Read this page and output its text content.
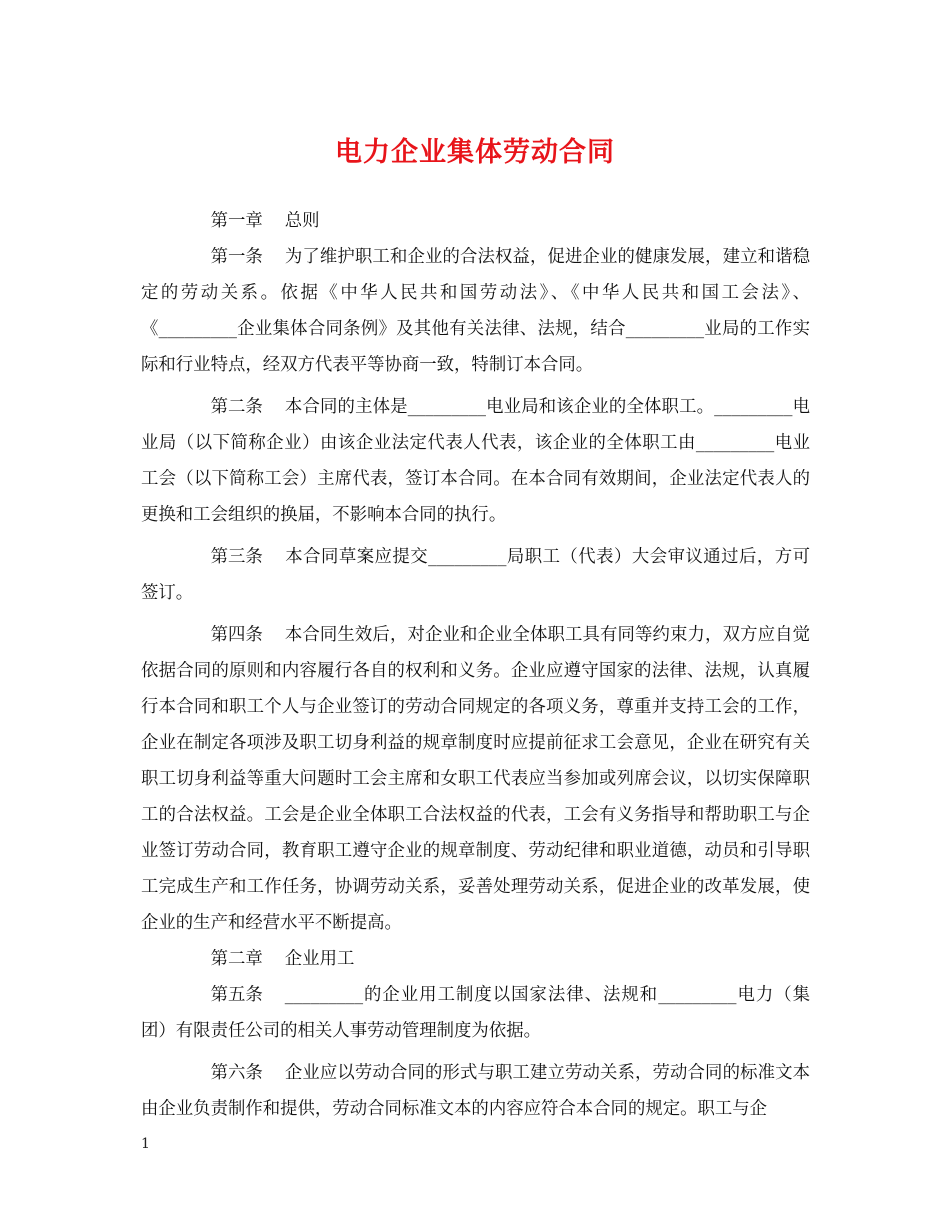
电力企业集体劳动合同

第一章 总则

第一条 为了维护职工和企业的合法权益，促进企业的健康发展，建立和谐稳定的劳动关系。依据《中华人民共和国劳动法》、《中华人民共和国工会法》、《_________企业集体合同条例》及其他有关法律、法规，结合_________业局的工作实际和行业特点，经双方代表平等协商一致，特制订本合同。

第二条 本合同的主体是_________电业局和该企业的全体职工。_________电业局（以下简称企业）由该企业法定代表人代表，该企业的全体职工由_________电业工会（以下简称工会）主席代表，签订本合同。在本合同有效期间，企业法定代表人的更换和工会组织的换届，不影响本合同的执行。

第三条 本合同草案应提交_________局职工（代表）大会审议通过后，方可签订。

第四条 本合同生效后，对企业和企业全体职工具有同等约束力，双方应自觉依据合同的原则和内容履行各自的权利和义务。企业应遵守国家的法律、法规，认真履行本合同和职工个人与企业签订的劳动合同规定的各项义务，尊重并支持工会的工作，企业在制定各项涉及职工切身利益的规章制度时应提前征求工会意见，企业在研究有关职工切身利益等重大问题时工会主席和女职工代表应当参加或列席会议，以切实保障职工的合法权益。工会是企业全体职工合法权益的代表，工会有义务指导和帮助职工与企业签订劳动合同，教育职工遵守企业的规章制度、劳动纪律和职业道德，动员和引导职工完成生产和工作任务，协调劳动关系，妥善处理劳动关系，促进企业的改革发展，使企业的生产和经营水平不断提高。

第二章 企业用工

第五条 _________的企业用工制度以国家法律、法规和_________电力（集团）有限责任公司的相关人事劳动管理制度为依据。

第六条 企业应以劳动合同的形式与职工建立劳动关系，劳动合同的标准文本由企业负责制作和提供，劳动合同标准文本的内容应符合本合同的规定。职工与企

1
